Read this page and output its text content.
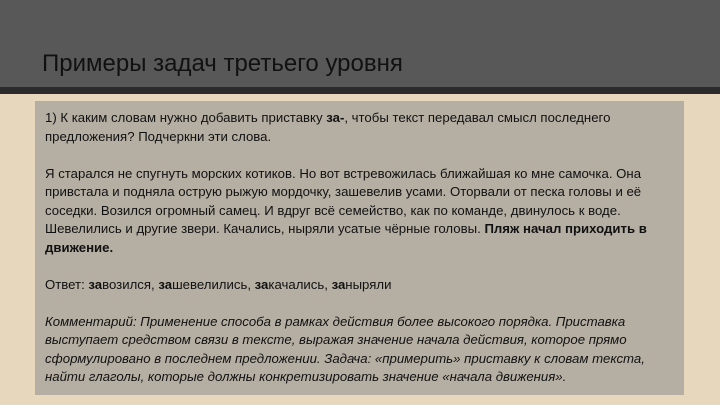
Примеры задач третьего уровня

1) К каким словам нужно добавить приставку за-, чтобы текст передавал смысл последнего предложения? Подчеркни эти слова.

Я старался не спугнуть морских котиков. Но вот встревожилась ближайшая ко мне самочка. Она привстала и подняла острую рыжую мордочку, зашевелив усами. Оторвали от песка головы и её соседки. Возился огромный самец. И вдруг всё семейство, как по команде, двинулось к воде. Шевелились и другие звери. Качались, ныряли усатые чёрные головы. Пляж начал приходить в движение.

Ответ: завозился, зашевелились, закачались, заныряли

Комментарий: Применение способа в рамках действия более высокого порядка. Приставка выступает средством связи в тексте, выражая значение начала действия, которое прямо сформулировано в последнем предложении. Задача: «примерить» приставку к словам текста, найти глаголы, которые должны конкретизировать значение «начала движения».
